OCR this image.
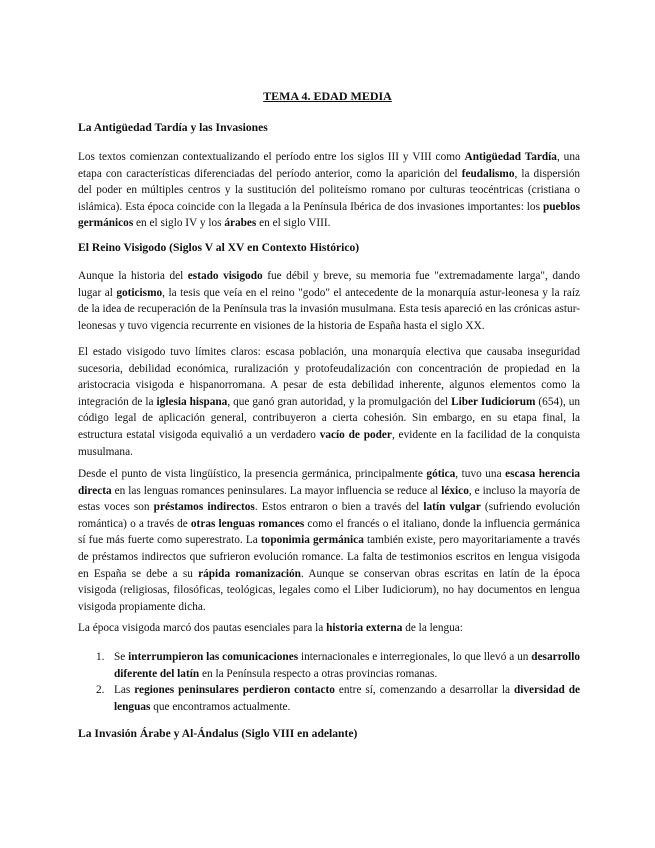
TEMA 4. EDAD MEDIA
La Antigüedad Tardía y las Invasiones

Los textos comienzan contextualizando el período entre los siglos III y VIII como Antigüedad Tardía, una etapa con características diferenciadas del período anterior, como la aparición del feudalismo, la dispersión del poder en múltiples centros y la sustitución del politeísmo romano por culturas teocéntricas (cristiana o islámica). Esta época coincide con la llegada a la Península Ibérica de dos invasiones importantes: los pueblos germánicos en el siglo IV y los árabes en el siglo VIII.

El Reino Visigodo (Siglos V al XV en Contexto Histórico)

Aunque la historia del estado visigodo fue débil y breve, su memoria fue "extremadamente larga", dando lugar al goticismo, la tesis que veía en el reino "godo" el antecedente de la monarquía astur-leonesa y la raíz de la idea de recuperación de la Península tras la invasión musulmana. Esta tesis apareció en las crónicas astur-leonesas y tuvo vigencia recurrente en visiones de la historia de España hasta el siglo XX.

El estado visigodo tuvo límites claros: escasa población, una monarquía electiva que causaba inseguridad sucesoria, debilidad económica, ruralización y protofeudalización con concentración de propiedad en la aristocracia visigoda e hispanorromana. A pesar de esta debilidad inherente, algunos elementos como la integración de la iglesia hispana, que ganó gran autoridad, y la promulgación del Liber Iudiciorum (654), un código legal de aplicación general, contribuyeron a cierta cohesión. Sin embargo, en su etapa final, la estructura estatal visigoda equivalió a un verdadero vacío de poder, evidente en la facilidad de la conquista musulmana.

Desde el punto de vista lingüístico, la presencia germánica, principalmente gótica, tuvo una escasa herencia directa en las lenguas romances peninsulares. La mayor influencia se reduce al léxico, e incluso la mayoría de estas voces son préstamos indirectos. Estos entraron o bien a través del latín vulgar (sufriendo evolución romántica) o a través de otras lenguas romances como el francés o el italiano, donde la influencia germánica sí fue más fuerte como superestrato. La toponimia germánica también existe, pero mayoritariamente a través de préstamos indirectos que sufrieron evolución romance. La falta de testimonios escritos en lengua visigoda en España se debe a su rápida romanización. Aunque se conservan obras escritas en latín de la época visigoda (religiosas, filosóficas, teológicas, legales como el Liber Iudiciorum), no hay documentos en lengua visigoda propiamente dicha.

La época visigoda marcó dos pautas esenciales para la historia externa de la lengua:

1. Se interrumpieron las comunicaciones internacionales e interregionales, lo que llevó a un desarrollo diferente del latín en la Península respecto a otras provincias romanas.
2. Las regiones peninsulares perdieron contacto entre sí, comenzando a desarrollar la diversidad de lenguas que encontramos actualmente.
La Invasión Árabe y Al-Ándalus (Siglo VIII en adelante)
